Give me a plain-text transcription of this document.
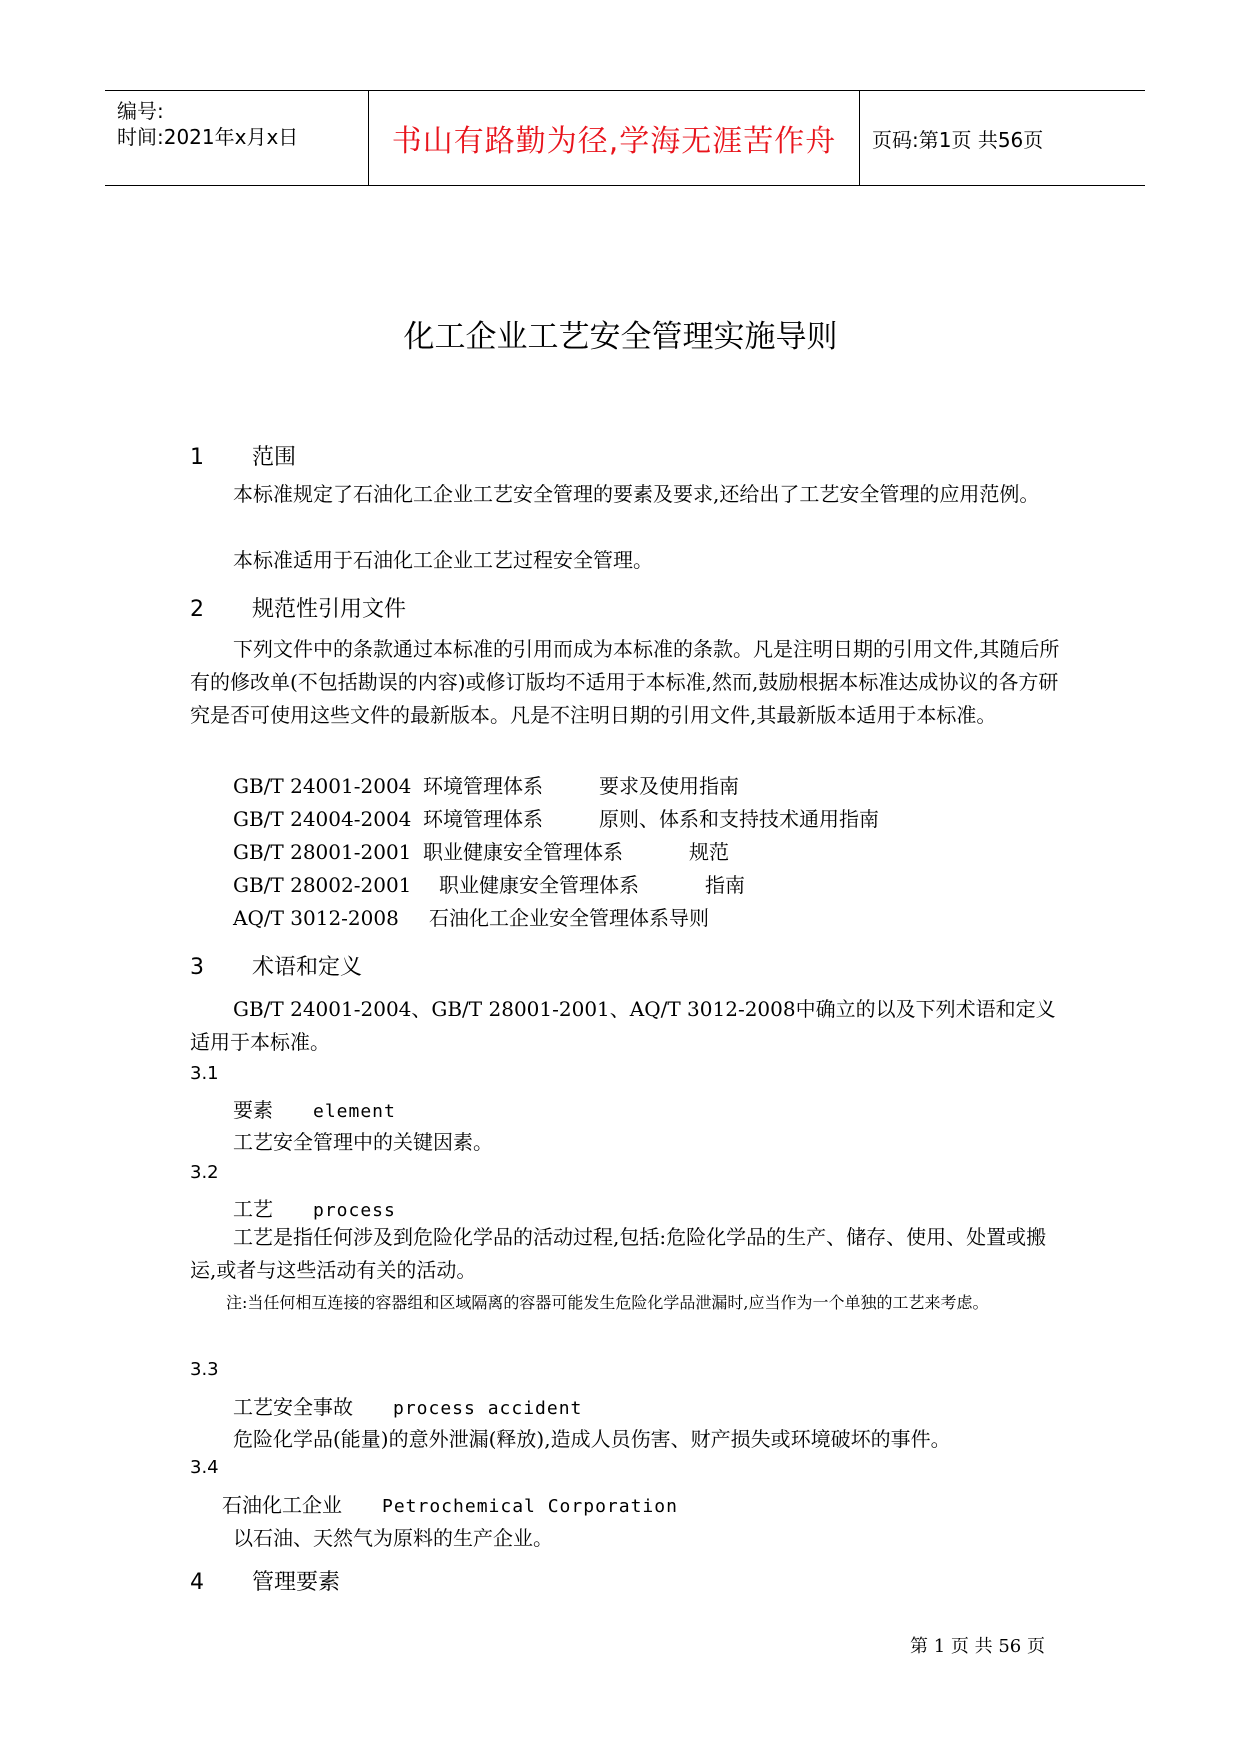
编号:
时间:2021年x月x日	书山有路勤为径,学海无涯苦作舟 页码:第1页 共56页
化工企业工艺安全管理实施导则
1 范围

本标准规定了石油化工企业工艺安全管理的要素及要求,还给出了工艺安全管理的应用范例。

本标准适用于石油化工企业工艺过程安全管理。

2 规范性引用文件

下列文件中的条款通过本标准的引用而成为本标准的条款。凡是注明日期的引用文件,其随后所有的修改单(不包括勘误的内容)或修订版均不适用于本标准,然而,鼓励根据本标准达成协议的各方研究是否可使用这些文件的最新版本。凡是不注明日期的引用文件,其最新版本适用于本标准。

GB/T 24001-2004 环境管理体系	要求及使用指南
GB/T 24004-2004 环境管理体系	原则、体系和支持技术通用指南
GB/T 28001-2001 职业健康安全管理体系	规范
GB/T 28002-2001 职业健康安全管理体系	指南
AQ/T 3012-2008 石油化工企业安全管理体系导则
3 术语和定义

GB/T 24001-2004、GB/T 28001-2001、AQ/T 3012-2008中确立的以及下列术语和定义适用于本标准。

3.1
要素 element
工艺安全管理中的关键因素。
3.2
工艺 process

工艺是指任何涉及到危险化学品的活动过程,包括:危险化学品的生产、储存、使用、处置或搬运,或者与这些活动有关的活动。

注:当任何相互连接的容器组和区域隔离的容器可能发生危险化学品泄漏时,应当作为一个单独的工艺来考虑。

3.3
工艺安全事故 process accident
危险化学品(能量)的意外泄漏(释放),造成人员伤害、财产损失或环境破坏的事件。
3.4
石油化工企业 Petrochemical Corporation
以石油、天然气为原料的生产企业。
4 管理要素
第 1 页 共 56 页
